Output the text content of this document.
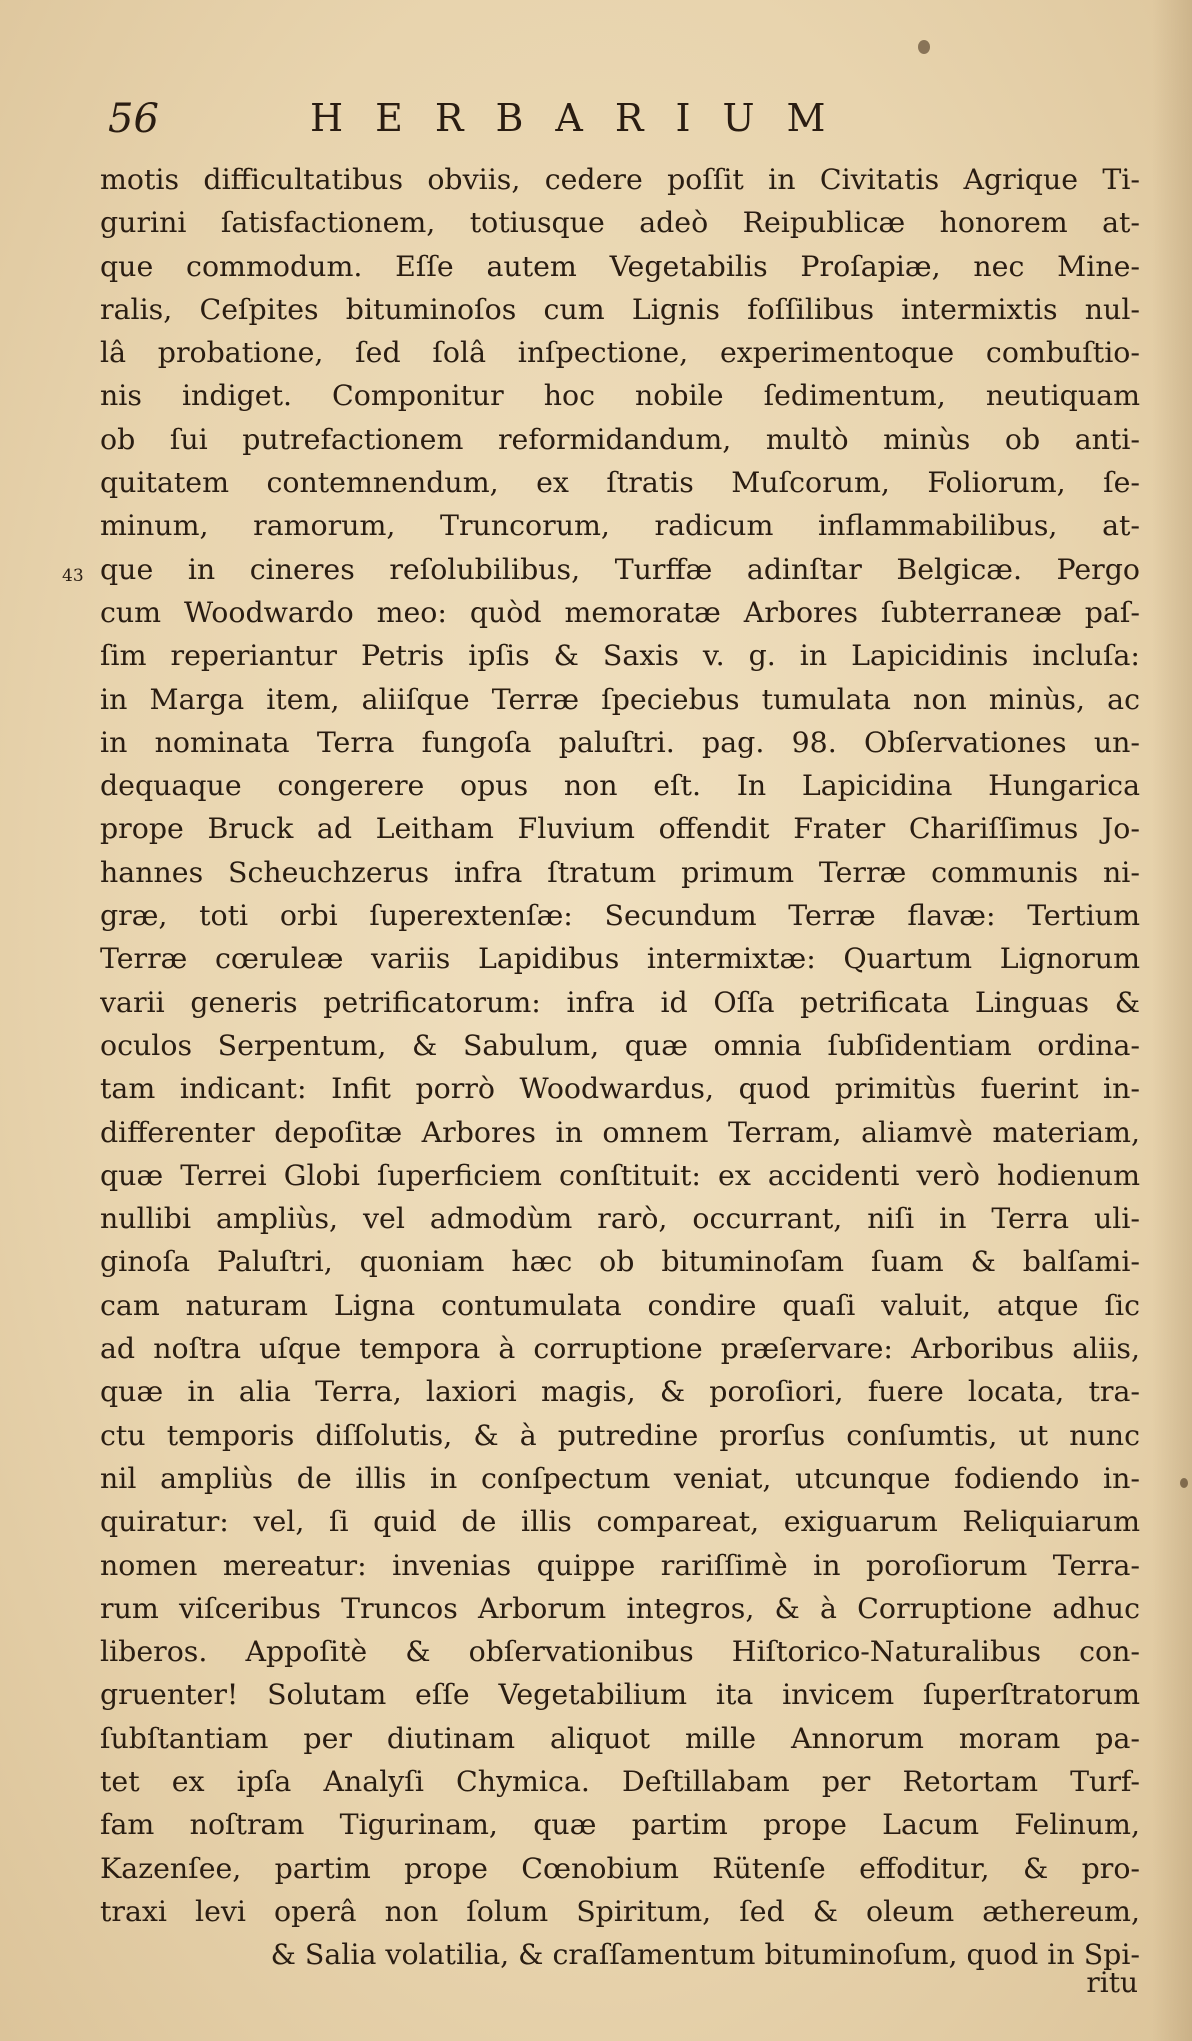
56	HERBARIUM
43
motis difficultatibus obviis, cedere poſſit in Civitatis Agrique Ti-
gurini ſatisfactionem, totiusque adeò Reipublicæ honorem at-
que commodum. Eſſe autem Vegetabilis Proſapiæ, nec Mine-
ralis, Ceſpites bituminoſos cum Lignis foſſilibus intermixtis nul-
lâ probatione, ſed ſolâ inſpectione, experimentoque combuſtio-
nis indiget. Componitur hoc nobile ſedimentum, neutiquam
ob ſui putrefactionem reformidandum, multò minùs ob anti-
quitatem contemnendum, ex ſtratis Muſcorum, Foliorum, ſe-
minum, ramorum, Truncorum, radicum inflammabilibus, at-
que in cineres reſolubilibus, Turffæ adinſtar Belgicæ. Pergo
cum Woodwardo meo: quòd memoratæ Arbores ſubterraneæ paſ-
ſim reperiantur Petris ipſis & Saxis v. g. in Lapicidinis incluſa:
in Marga item, aliiſque Terræ ſpeciebus tumulata non minùs, ac
in nominata Terra fungoſa paluſtri. pag. 98. Obſervationes un-
dequaque congerere opus non eſt. In Lapicidina Hungarica
prope Bruck ad Leitham Fluvium offendit Frater Chariſſimus Jo-
hannes Scheuchzerus infra ſtratum primum Terræ communis ni-
græ, toti orbi ſuperextenſæ: Secundum Terræ flavæ: Tertium
Terræ cœruleæ variis Lapidibus intermixtæ: Quartum Lignorum
varii generis petrificatorum: infra id Oſſa petrificata Linguas &
oculos Serpentum, & Sabulum, quæ omnia ſubſidentiam ordina-
tam indicant: Infit porrò Woodwardus, quod primitùs fuerint in-
differenter depoſitæ Arbores in omnem Terram, aliamvè materiam,
quæ Terrei Globi ſuperficiem conſtituit: ex accidenti verò hodienum
nullibi ampliùs, vel admodùm rarò, occurrant, niſi in Terra uli-
ginoſa Paluſtri, quoniam hæc ob bituminoſam ſuam & balſami-
cam naturam Ligna contumulata condire quaſi valuit, atque ſic
ad noſtra uſque tempora à corruptione præſervare: Arboribus aliis,
quæ in alia Terra, laxiori magis, & poroſiori, fuere locata, tra-
ctu temporis diſſolutis, & à putredine prorſus conſumtis, ut nunc
nil ampliùs de illis in conſpectum veniat, utcunque fodiendo in-
quiratur: vel, ſi quid de illis compareat, exiguarum Reliquiarum
nomen mereatur: invenias quippe rariſſimè in poroſiorum Terra-
rum viſceribus Truncos Arborum integros, & à Corruptione adhuc
liberos. Appoſitè & obſervationibus Hiſtorico-Naturalibus con-
gruenter! Solutam eſſe Vegetabilium ita invicem ſuperſtratorum
ſubſtantiam per diutinam aliquot mille Annorum moram pa-
tet ex ipſa Analyſi Chymica. Deſtillabam per Retortam Turf-
fam noſtram Tigurinam, quæ partim prope Lacum Felinum,
Kazenſee, partim prope Cœnobium Rütenſe effoditur, & pro-
traxi levi operâ non ſolum Spiritum, ſed & oleum æthereum,
& Salia volatilia, & craſſamentum bituminoſum, quod in Spi-
ritu
